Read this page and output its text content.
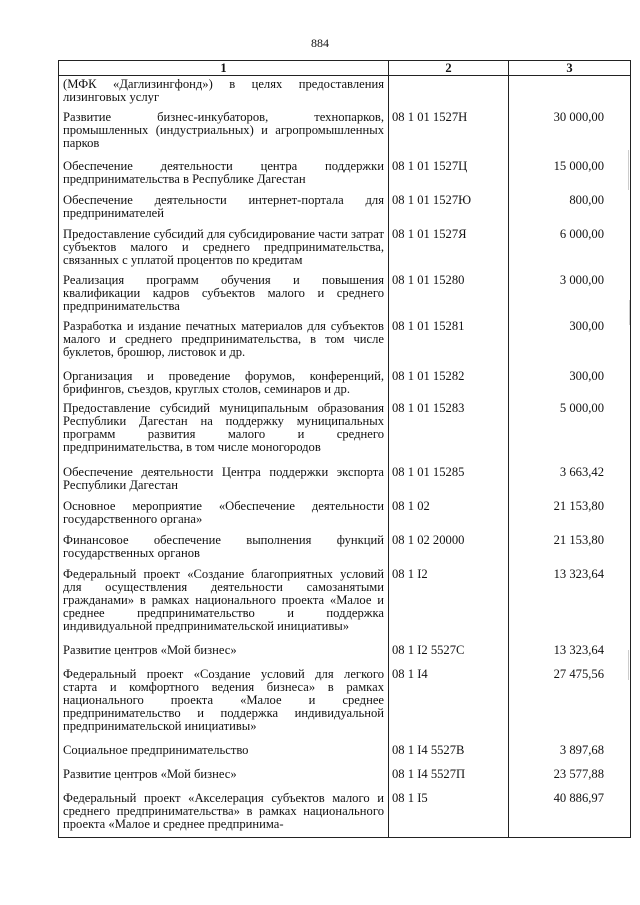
884
1	2	3
(МФК «Даглизингфонд») в целях предоставления лизинговых услуг		
Развитие бизнес-инкубаторов, технопарков, промышленных (индустриальных) и агропромышленных парков	08 1 01 1527Н	30 000,00
Обеспечение деятельности центра поддержки предпринимательства в Республике Дагестан	08 1 01 1527Ц	15 000,00
Обеспечение деятельности интернет-портала для предпринимателей	08 1 01 1527Ю	800,00
Предоставление субсидий для субсидирование части затрат субъектов малого и среднего предпринимательства, связанных с уплатой процентов по кредитам	08 1 01 1527Я	6 000,00
Реализация программ обучения и повышения квалификации кадров субъектов малого и среднего предпринимательства	08 1 01 15280	3 000,00
Разработка и издание печатных материалов для субъектов малого и среднего предпринимательства, в том числе буклетов, брошюр, листовок и др.	08 1 01 15281	300,00
Организация и проведение форумов, конференций, брифингов, съездов, круглых столов, семинаров и др.	08 1 01 15282	300,00
Предоставление субсидий муниципальным образования Республики Дагестан на поддержку муниципальных программ развития малого и среднего предпринимательства, в том числе моногородов	08 1 01 15283	5 000,00
Обеспечение деятельности Центра поддержки экспорта Республики Дагестан	08 1 01 15285	3 663,42
Основное мероприятие «Обеспечение деятельности государственного органа»	08 1 02	21 153,80
Финансовое обеспечение выполнения функций государственных органов	08 1 02 20000	21 153,80
Федеральный проект «Создание благоприятных условий для осуществления деятельности самозанятыми гражданами» в рамках национального проекта «Малое и среднее предпринимательство и поддержка индивидуальной предпринимательской инициативы»	08 1 I2	13 323,64
Развитие центров «Мой бизнес»	08 1 I2 5527С	13 323,64
Федеральный проект «Создание условий для легкого старта и комфортного ведения бизнеса» в рамках национального проекта «Малое и среднее предпринимательство и поддержка индивидуальной предпринимательской инициативы»	08 1 I4	27 475,56
Социальное предпринимательство	08 1 I4 5527В	3 897,68
Развитие центров «Мой бизнес»	08 1 I4 5527П	23 577,88
Федеральный проект «Акселерация субъектов малого и среднего предпринимательства» в рамках национального проекта «Малое и среднее предпринима-	08 1 I5	40 886,97
